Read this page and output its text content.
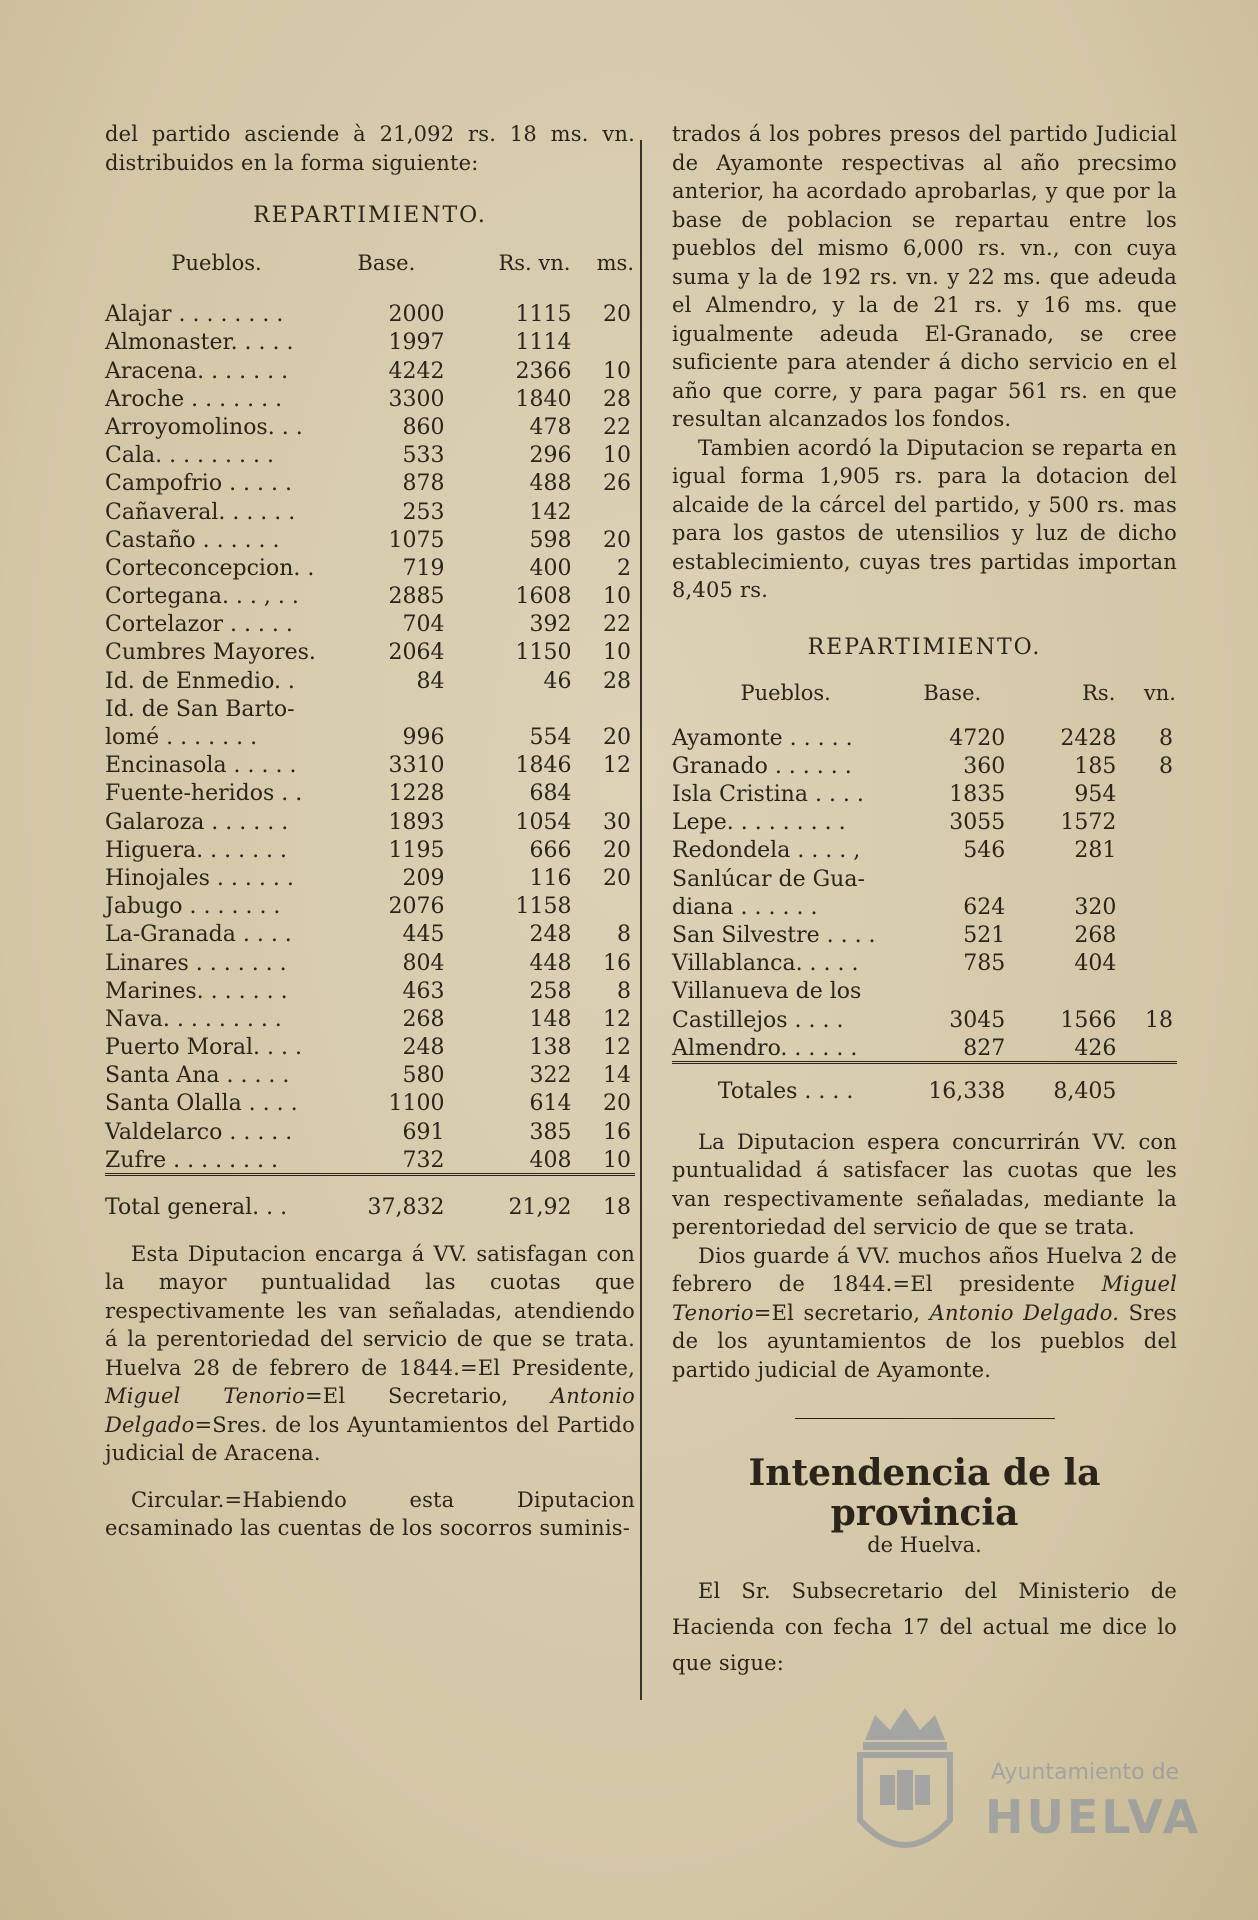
del partido asciende à 21,092 rs. 18 ms. vn. distribuidos en la forma siguiente:

REPARTIMIENTO.

Pueblos.	Base.	Rs. vn.	ms.

Alajar . . . . . . . .	2000	1115	20
Almonaster. . . . .	1997	1114	
Aracena. . . . . . .	4242	2366	10
Aroche . . . . . . .	3300	1840	28
Arroyomolinos. . .	860	478	22
Cala. . . . . . . . .	533	296	10
Campofrio . . . . .	878	488	26
Cañaveral. . . . . .	253	142	
Castaño . . . . . .	1075	598	20
Corteconcepcion. .	719	400	2
Cortegana. . . , . .	2885	1608	10
Cortelazor . . . . .	704	392	22
Cumbres Mayores.	2064	1150	10
Id. de Enmedio. .	84	46	28
Id. de San Barto-			
lomé . . . . . . .	996	554	20
Encinasola . . . . .	3310	1846	12
Fuente-heridos . .	1228	684	
Galaroza . . . . . .	1893	1054	30
Higuera. . . . . . .	1195	666	20
Hinojales . . . . . .	209	116	20
Jabugo . . . . . . .	2076	1158	
La-Granada . . . .	445	248	8
Linares . . . . . . .	804	448	16
Marines. . . . . . .	463	258	8
Nava. . . . . . . . .	268	148	12
Puerto Moral. . . .	248	138	12
Santa Ana . . . . .	580	322	14
Santa Olalla . . . .	1100	614	20
Valdelarco . . . . .	691	385	16
Zufre . . . . . . . .	732	408	10
Total general. . .	37,832	21,92	18

Esta Diputacion encarga á VV. satisfagan con la mayor puntualidad las cuotas que respectivamente les van señaladas, atendiendo á la perentoriedad del servicio de que se trata. Huelva 28 de febrero de 1844.=El Presidente, Miguel Tenorio=El Secretario, Antonio Delgado=Sres. de los Ayuntamientos del Partido judicial de Aracena.

Circular.=Habiendo esta Diputacion ecsaminado las cuentas de los socorros suminis-

trados á los pobres presos del partido Judicial de Ayamonte respectivas al año precsimo anterior, ha acordado aprobarlas, y que por la base de poblacion se repartau entre los pueblos del mismo 6,000 rs. vn., con cuya suma y la de 192 rs. vn. y 22 ms. que adeuda el Almendro, y la de 21 rs. y 16 ms. que igualmente adeuda El-Granado, se cree suficiente para atender á dicho servicio en el año que corre, y para pagar 561 rs. en que resultan alcanzados los fondos.

Tambien acordó la Diputacion se reparta en igual forma 1,905 rs. para la dotacion del alcaide de la cárcel del partido, y 500 rs. mas para los gastos de utensilios y luz de dicho establecimiento, cuyas tres partidas importan 8,405 rs.

REPARTIMIENTO.

Pueblos.	Base.	Rs.	vn.

Ayamonte . . . . .	4720	2428	8
Granado . . . . . .	360	185	8
Isla Cristina . . . .	1835	954	
Lepe. . . . . . . . .	3055	1572	
Redondela . . . . ,	546	281	
Sanlúcar de Gua-			
diana . . . . . .	624	320	
San Silvestre . . . .	521	268	
Villablanca. . . . .	785	404	
Villanueva de los			
Castillejos . . . .	3045	1566	18
Almendro. . . . . .	827	426	
Totales . . . .	16,338	8,405	

La Diputacion espera concurrirán VV. con puntualidad á satisfacer las cuotas que les van respectivamente señaladas, mediante la perentoriedad del servicio de que se trata.

Dios guarde á VV. muchos años Huelva 2 de febrero de 1844.=El presidente Miguel Tenorio=El secretario, Antonio Delgado. Sres de los ayuntamientos de los pueblos del partido judicial de Ayamonte.

Intendencia de la provincia

de Huelva.

El Sr. Subsecretario del Ministerio de Hacienda con fecha 17 del actual me dice lo que sigue:

Ayuntamiento de
HUELVA
